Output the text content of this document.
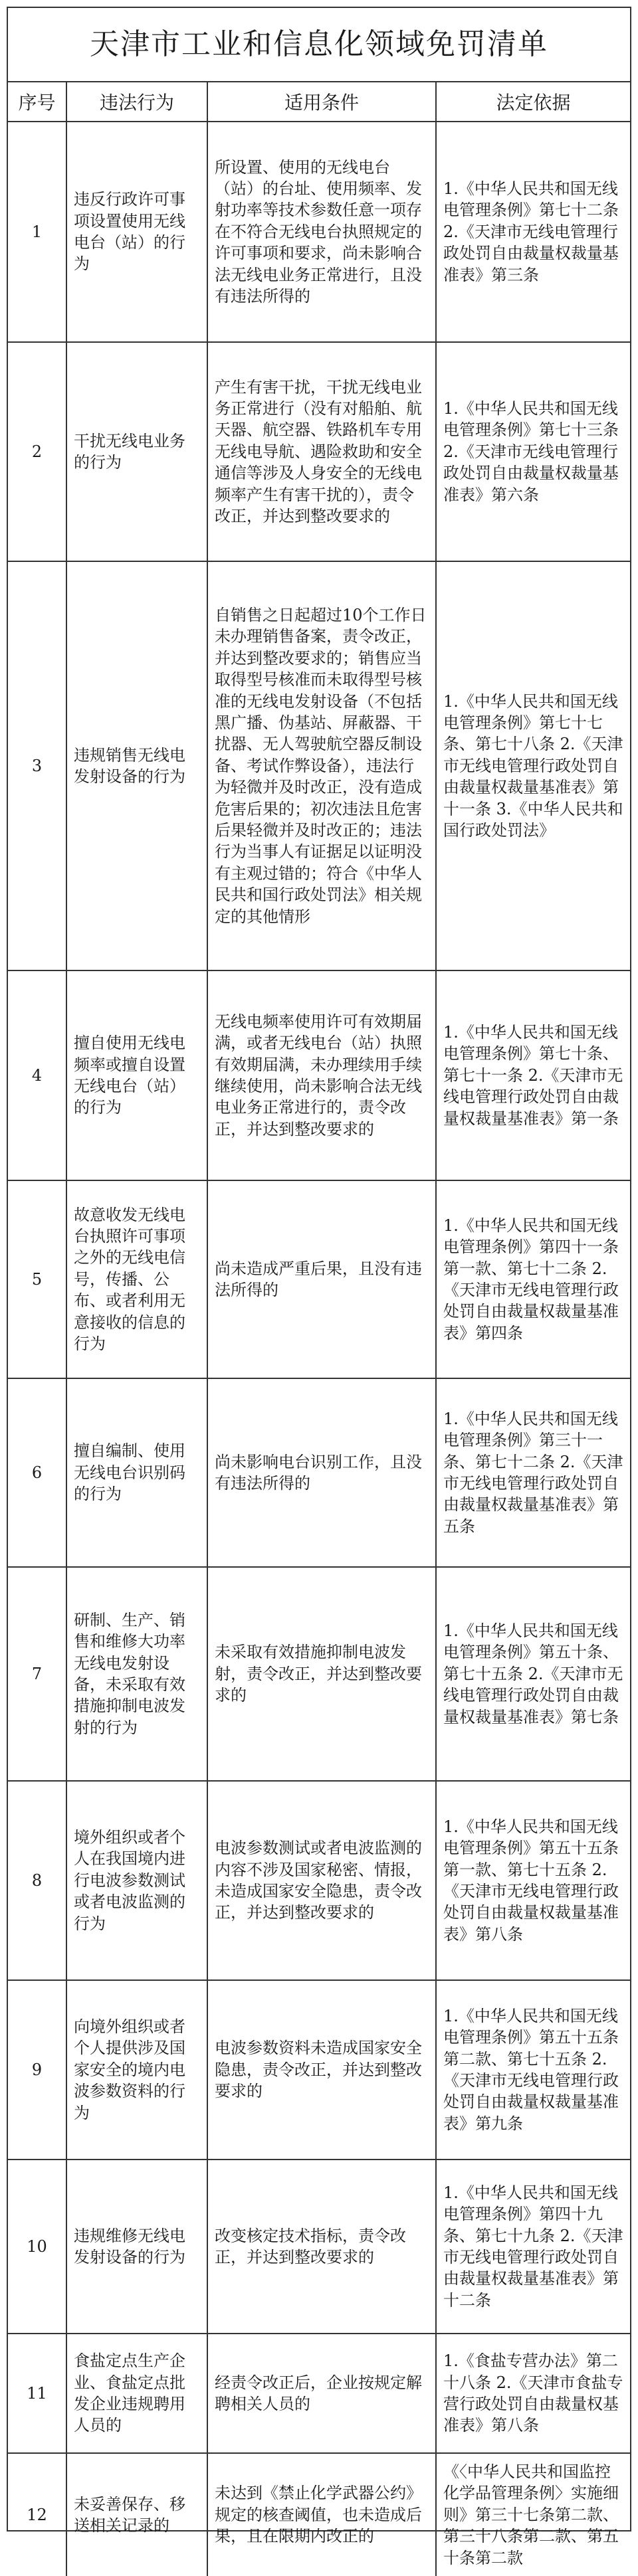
天津市工业和信息化领域免罚清单
序号	违法行为	适用条件	法定依据
1	违反行政许可事项设置使用无线电台（站）的行为	所设置、使用的无线电台（站）的台址、使用频率、发射功率等技术参数任意一项存在不符合无线电台执照规定的许可事项和要求，尚未影响合法无线电业务正常进行，且没有违法所得的	1.《中华人民共和国无线电管理条例》第七十二条 2.《天津市无线电管理行政处罚自由裁量权裁量基准表》第三条
2	干扰无线电业务的行为	产生有害干扰，干扰无线电业务正常进行（没有对船舶、航天器、航空器、铁路机车专用无线电导航、遇险救助和安全通信等涉及人身安全的无线电频率产生有害干扰的），责令改正，并达到整改要求的	1.《中华人民共和国无线电管理条例》第七十三条 2.《天津市无线电管理行政处罚自由裁量权裁量基准表》第六条
3	违规销售无线电发射设备的行为	自销售之日起超过10个工作日未办理销售备案，责令改正，并达到整改要求的；销售应当取得型号核准而未取得型号核准的无线电发射设备（不包括黑广播、伪基站、屏蔽器、干扰器、无人驾驶航空器反制设备、考试作弊设备），违法行为轻微并及时改正，没有造成危害后果的；初次违法且危害后果轻微并及时改正的；违法行为当事人有证据足以证明没有主观过错的；符合《中华人民共和国行政处罚法》相关规定的其他情形	1.《中华人民共和国无线电管理条例》第七十七条、第七十八条 2.《天津市无线电管理行政处罚自由裁量权裁量基准表》第十一条 3.《中华人民共和国行政处罚法》
4	擅自使用无线电频率或擅自设置无线电台（站）的行为	无线电频率使用许可有效期届满，或者无线电台（站）执照有效期届满，未办理续用手续继续使用，尚未影响合法无线电业务正常进行的，责令改正，并达到整改要求的	1.《中华人民共和国无线电管理条例》第七十条、第七十一条 2.《天津市无线电管理行政处罚自由裁量权裁量基准表》第一条
5	故意收发无线电台执照许可事项之外的无线电信号，传播、公布、或者利用无意接收的信息的行为	尚未造成严重后果，且没有违法所得的	1.《中华人民共和国无线电管理条例》第四十一条第一款、第七十二条 2.《天津市无线电管理行政处罚自由裁量权裁量基准表》第四条
6	擅自编制、使用无线电台识别码的行为	尚未影响电台识别工作，且没有违法所得的	1.《中华人民共和国无线电管理条例》第三十一条、第七十二条 2.《天津市无线电管理行政处罚自由裁量权裁量基准表》第五条
7	研制、生产、销售和维修大功率无线电发射设备，未采取有效措施抑制电波发射的行为	未采取有效措施抑制电波发射，责令改正，并达到整改要求的	1.《中华人民共和国无线电管理条例》第五十条、第七十五条 2.《天津市无线电管理行政处罚自由裁量权裁量基准表》第七条
8	境外组织或者个人在我国境内进行电波参数测试或者电波监测的行为	电波参数测试或者电波监测的内容不涉及国家秘密、情报，未造成国家安全隐患，责令改正，并达到整改要求的	1.《中华人民共和国无线电管理条例》第五十五条第一款、第七十五条 2.《天津市无线电管理行政处罚自由裁量权裁量基准表》第八条
9	向境外组织或者个人提供涉及国家安全的境内电波参数资料的行为	电波参数资料未造成国家安全隐患，责令改正，并达到整改要求的	1.《中华人民共和国无线电管理条例》第五十五条第二款、第七十五条 2.《天津市无线电管理行政处罚自由裁量权裁量基准表》第九条
10	违规维修无线电发射设备的行为	改变核定技术指标，责令改正，并达到整改要求的	1.《中华人民共和国无线电管理条例》第四十九条、第七十九条 2.《天津市无线电管理行政处罚自由裁量权裁量基准表》第十二条
11	食盐定点生产企业、食盐定点批发企业违规聘用人员的	经责令改正后，企业按规定解聘相关人员的	1.《食盐专营办法》第二十八条 2.《天津市食盐专营行政处罚自由裁量权基准表》第八条
12	未妥善保存、移送相关记录的	未达到《禁止化学武器公约》规定的核查阈值，也未造成后果，且在限期内改正的	《〈中华人民共和国监控化学品管理条例〉实施细则》第三十七条第二款、第三十八条第二款、第五十条第二款
